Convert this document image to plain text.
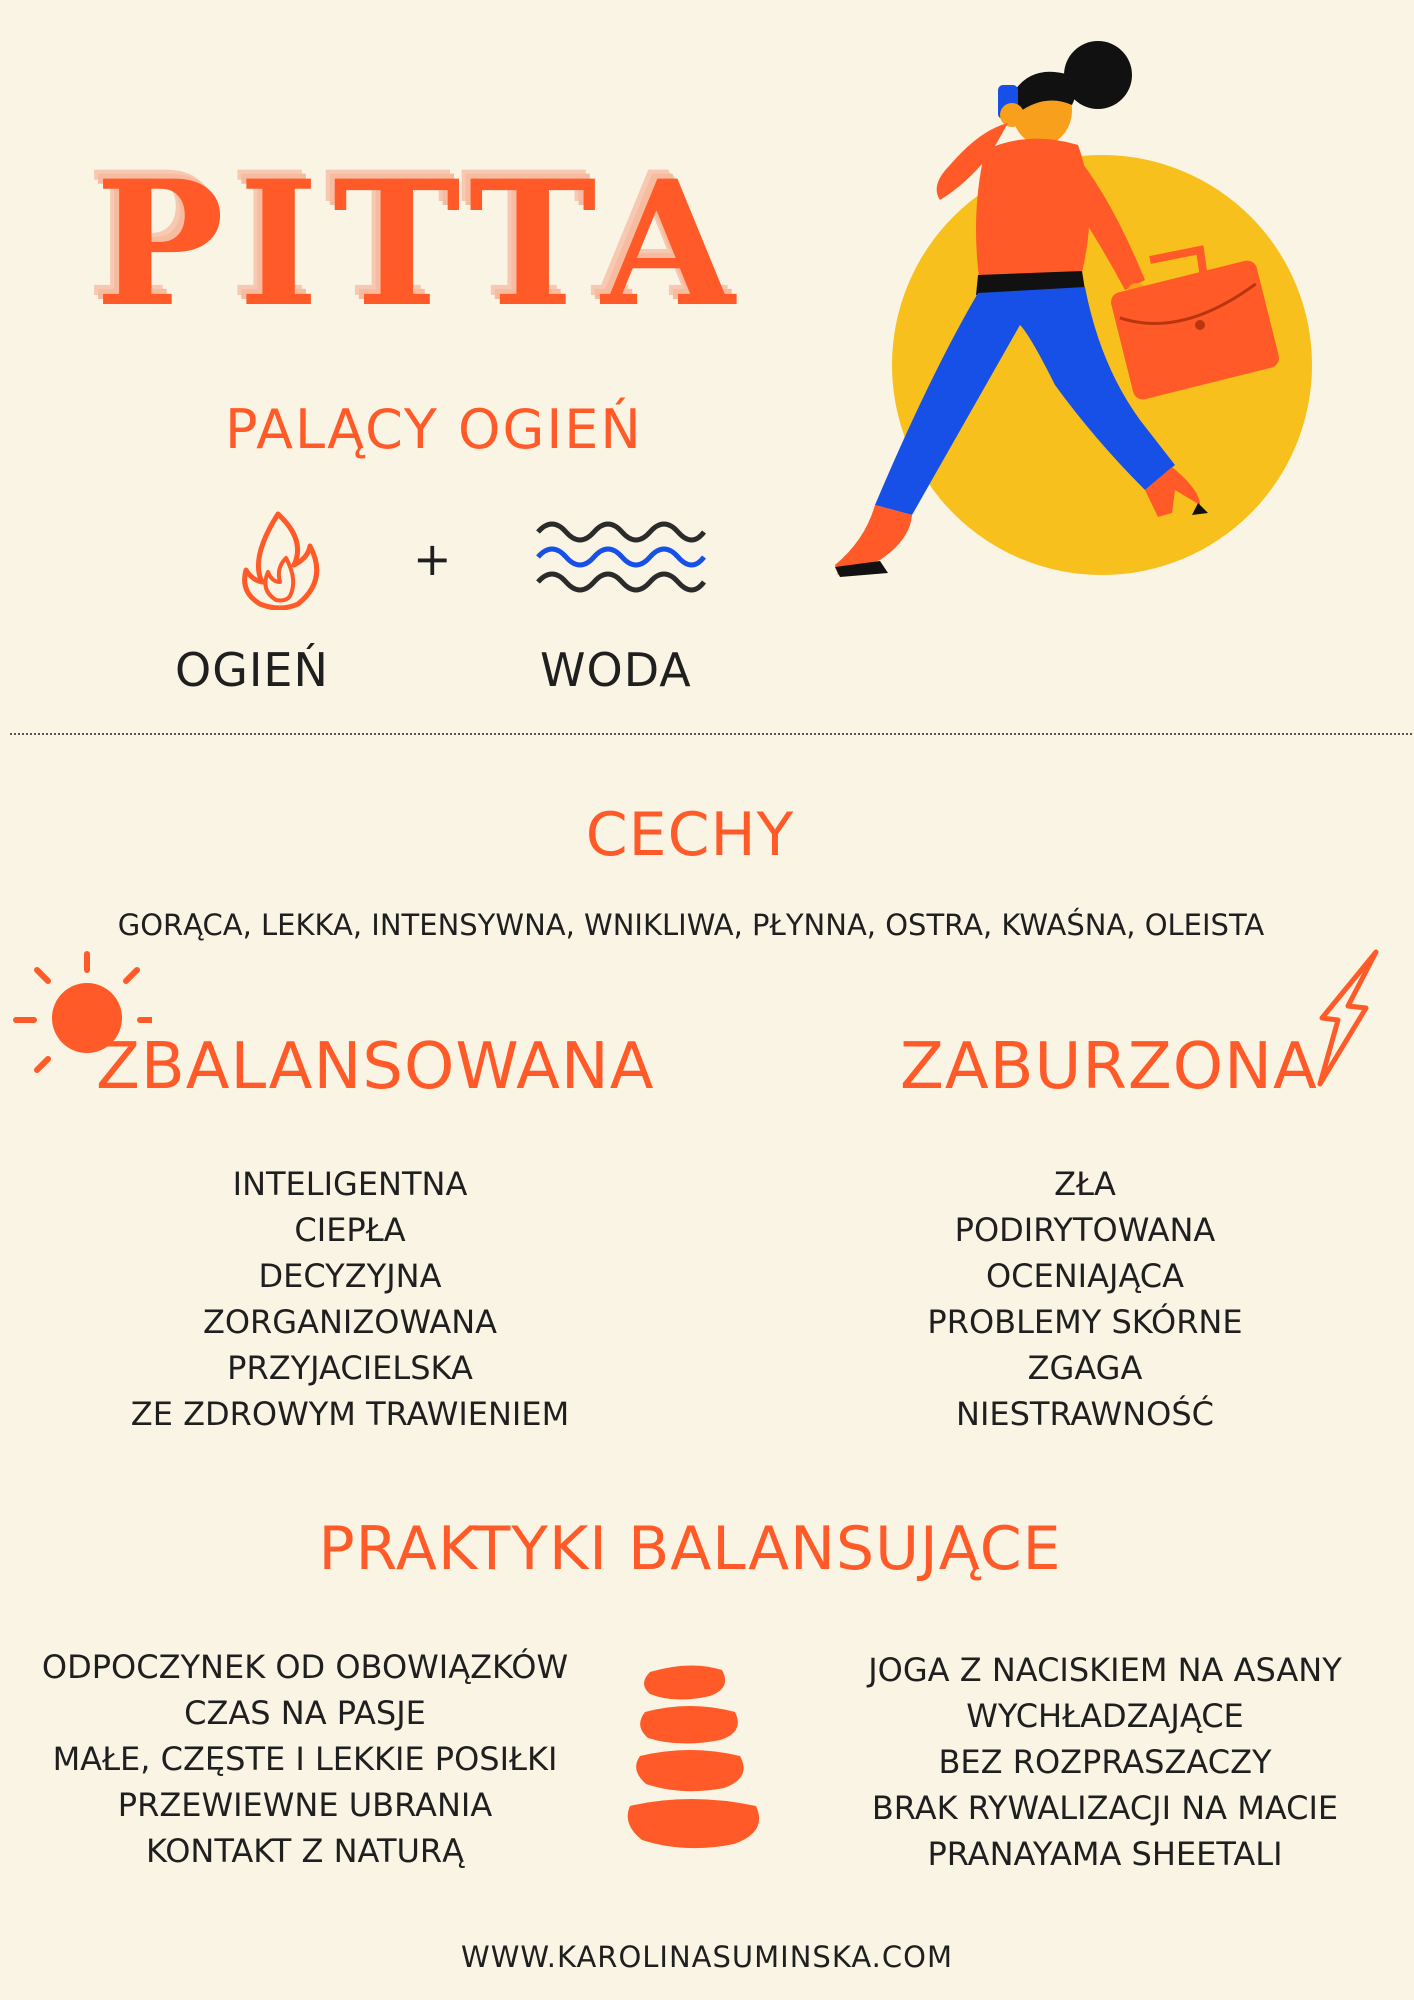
PITTA
PALĄCY OGIEŃ
+
OGIEŃ	WODA
CECHY
GORĄCA, LEKKA, INTENSYWNA, WNIKLIWA, PŁYNNA, OSTRA, KWAŚNA, OLEISTA
ZBALANSOWANA	ZABURZONA
INTELIGENTNA
CIEPŁA
DECYZYJNA
ZORGANIZOWANA
PRZYJACIELSKA
ZE ZDROWYM TRAWIENIEM
ZŁA
PODIRYTOWANA
OCENIAJĄCA
PROBLEMY SKÓRNE
ZGAGA
NIESTRAWNOŚĆ
PRAKTYKI BALANSUJĄCE
ODPOCZYNEK OD OBOWIĄZKÓW
CZAS NA PASJE
MAŁE, CZĘSTE I LEKKIE POSIŁKI
PRZEWIEWNE UBRANIA
KONTAKT Z NATURĄ
JOGA Z NACISKIEM NA ASANY
WYCHŁADZAJĄCE
BEZ ROZPRASZACZY
BRAK RYWALIZACJI NA MACIE
PRANAYAMA SHEETALI
WWW.KAROLINASUMINSKA.COM
